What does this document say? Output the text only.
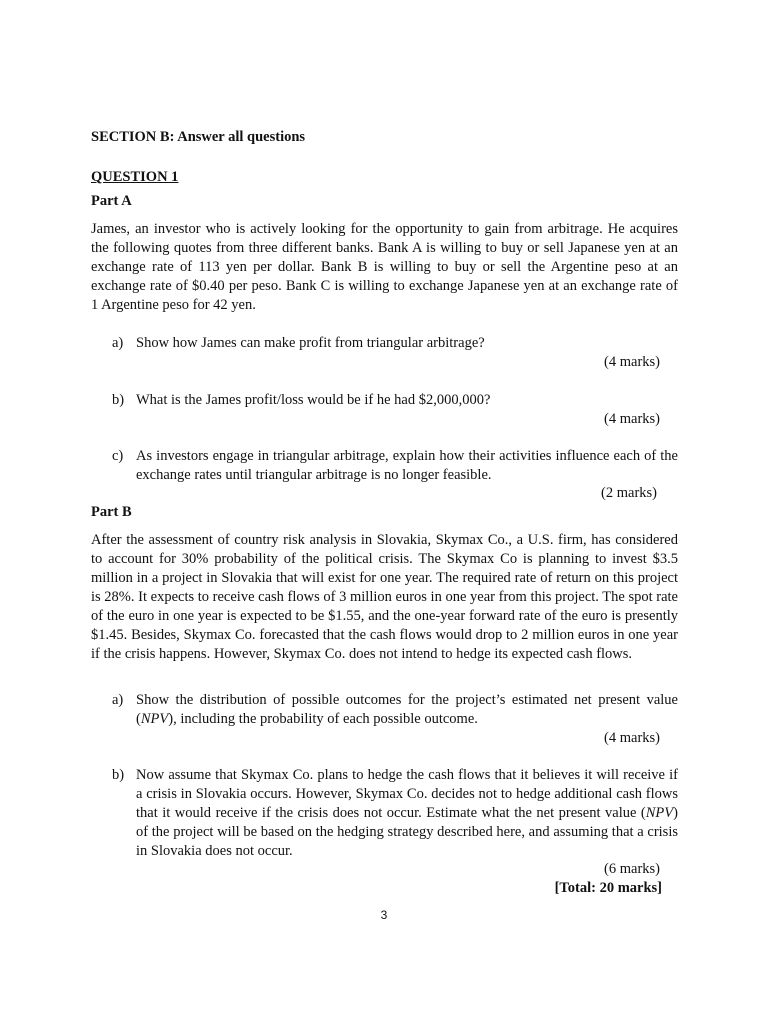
SECTION B: Answer all questions
QUESTION 1
Part A
James, an investor who is actively looking for the opportunity to gain from arbitrage. He acquires the following quotes from three different banks. Bank A is willing to buy or sell Japanese yen at an exchange rate of 113 yen per dollar. Bank B is willing to buy or sell the Argentine peso at an exchange rate of $0.40 per peso. Bank C is willing to exchange Japanese yen at an exchange rate of 1 Argentine peso for 42 yen.
a) Show how James can make profit from triangular arbitrage?
(4 marks)
b) What is the James profit/loss would be if he had $2,000,000?
(4 marks)
c) As investors engage in triangular arbitrage, explain how their activities influence each of the exchange rates until triangular arbitrage is no longer feasible.
(2 marks)
Part B
After the assessment of country risk analysis in Slovakia, Skymax Co., a U.S. firm, has considered to account for 30% probability of the political crisis. The Skymax Co is planning to invest $3.5 million in a project in Slovakia that will exist for one year. The required rate of return on this project is 28%. It expects to receive cash flows of 3 million euros in one year from this project. The spot rate of the euro in one year is expected to be $1.55, and the one-year forward rate of the euro is presently $1.45. Besides, Skymax Co. forecasted that the cash flows would drop to 2 million euros in one year if the crisis happens. However, Skymax Co. does not intend to hedge its expected cash flows.
a) Show the distribution of possible outcomes for the project’s estimated net present value (NPV), including the probability of each possible outcome.
(4 marks)
b) Now assume that Skymax Co. plans to hedge the cash flows that it believes it will receive if a crisis in Slovakia occurs. However, Skymax Co. decides not to hedge additional cash flows that it would receive if the crisis does not occur. Estimate what the net present value (NPV) of the project will be based on the hedging strategy described here, and assuming that a crisis in Slovakia does not occur.
(6 marks)
[Total: 20 marks]
3
